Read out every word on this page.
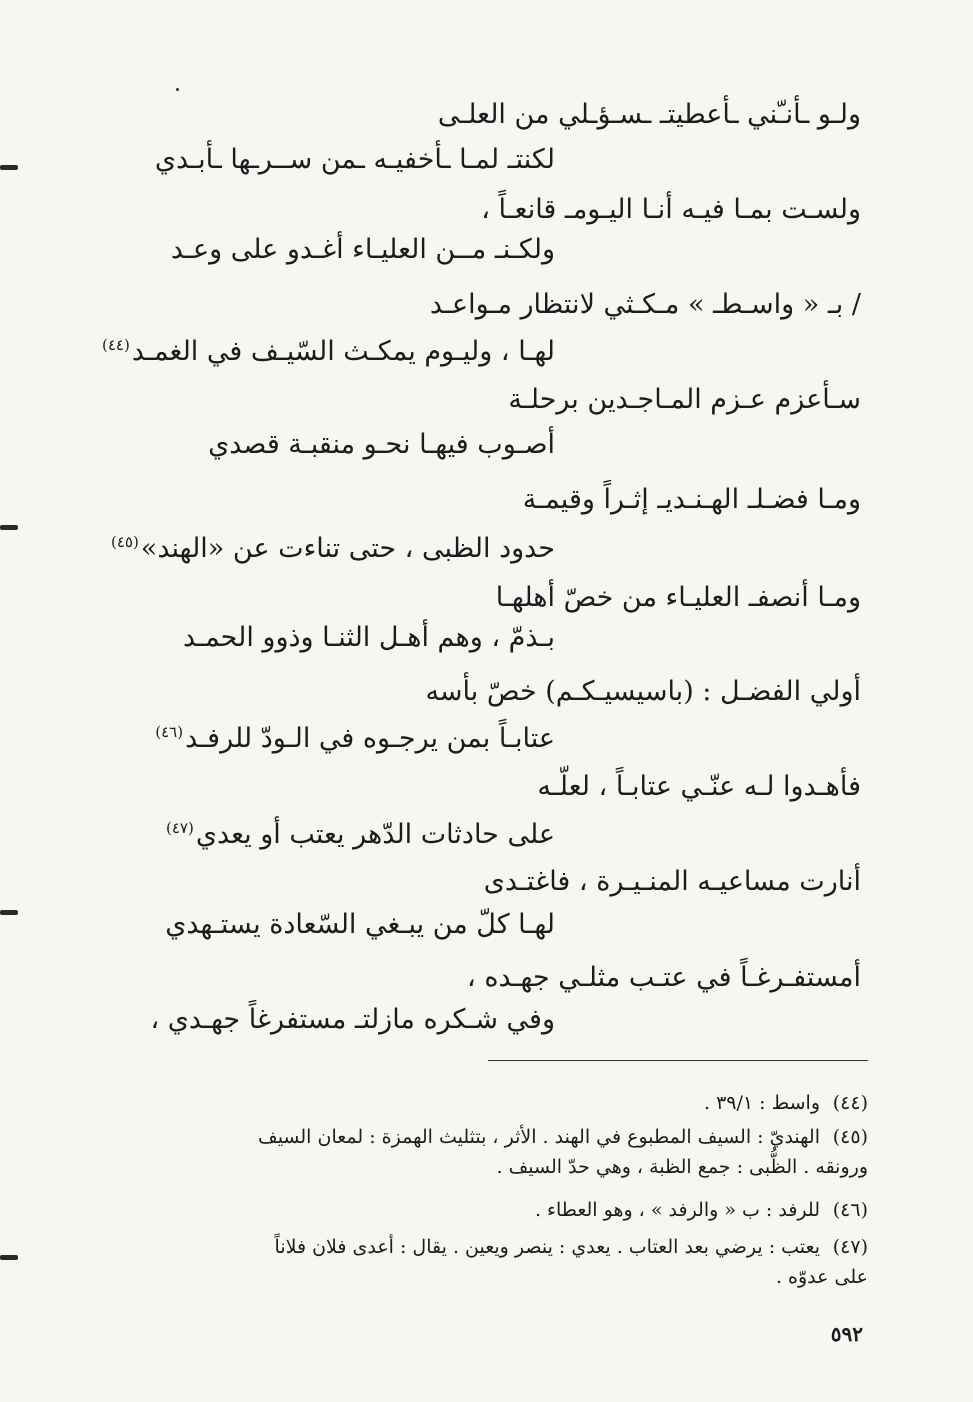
ولـو ـأنـّني ـأعطيتـ ـسـؤـلي من العلـى
لكنتـ لمـا ـأخفيـه ـمن ســرـها ـأبـدي
ولسـت بمـا فيـه أنـا اليـومـ قانعـاً ،
ولكـنـ مــن العليـاء أغـدو على وعـد
/ بـ « واسـطـ » مـكـثي لانتظار مـواعـد
لهـا ، وليـوم يمكـث السّيـف في الغمـد$^{(٤٤)}$
سـأعزم عـزم المـاجـدين برحلـة
أصـوب فيهـا نحـو منقبـة قصدي
ومـا فضـلـ الهـنـديـ إثـراً وقيمـة
حدود الظبى ، حتى تناءت عن «الهند»$^{(٤٥)}$
ومـا أنصفـ العليـاء من خصّ أهلهـا
بـذمّ ، وهم أهـل الثنـا وذوو الحمـد
أولي الفضـل : (باسيسيـكـم) خصّ بأسه
عتابـاً بمن يرجـوه في الـودّ للرفـد$^{(٤٦)}$
فأهـدوا لـه عنّـي عتابـاً ، لعلّـه
على حادثات الدّهر يعتب أو يعدي$^{(٤٧)}$
أنارت مساعيـه المنـيـرة ، فاغتـدى
لهـا كلّ من يبـغي السّعادة يستـهدي
أمستفـرغـاً في عتـب مثلـي جهـده ،
وفي شـكره مازلتـ مستفرغاً جهـدي ،
(٤٤)واسط : ٣٩/١ .
(٤٥)الهنديّ : السيف المطبوع في الهند . الأثر ، بتثليث الهمزة : لمعان السيف
ورونقه . الظُّبى : جمع الظبة ، وهي حدّ السيف .
(٤٦)للرفد : ب « والرفد » ، وهو العطاء .
(٤٧)يعتب : يرضي بعد العتاب . يعدي : ينصر ويعين . يقال : أعدى فلان فلاناً
على عدوّه .
٥٩٢
